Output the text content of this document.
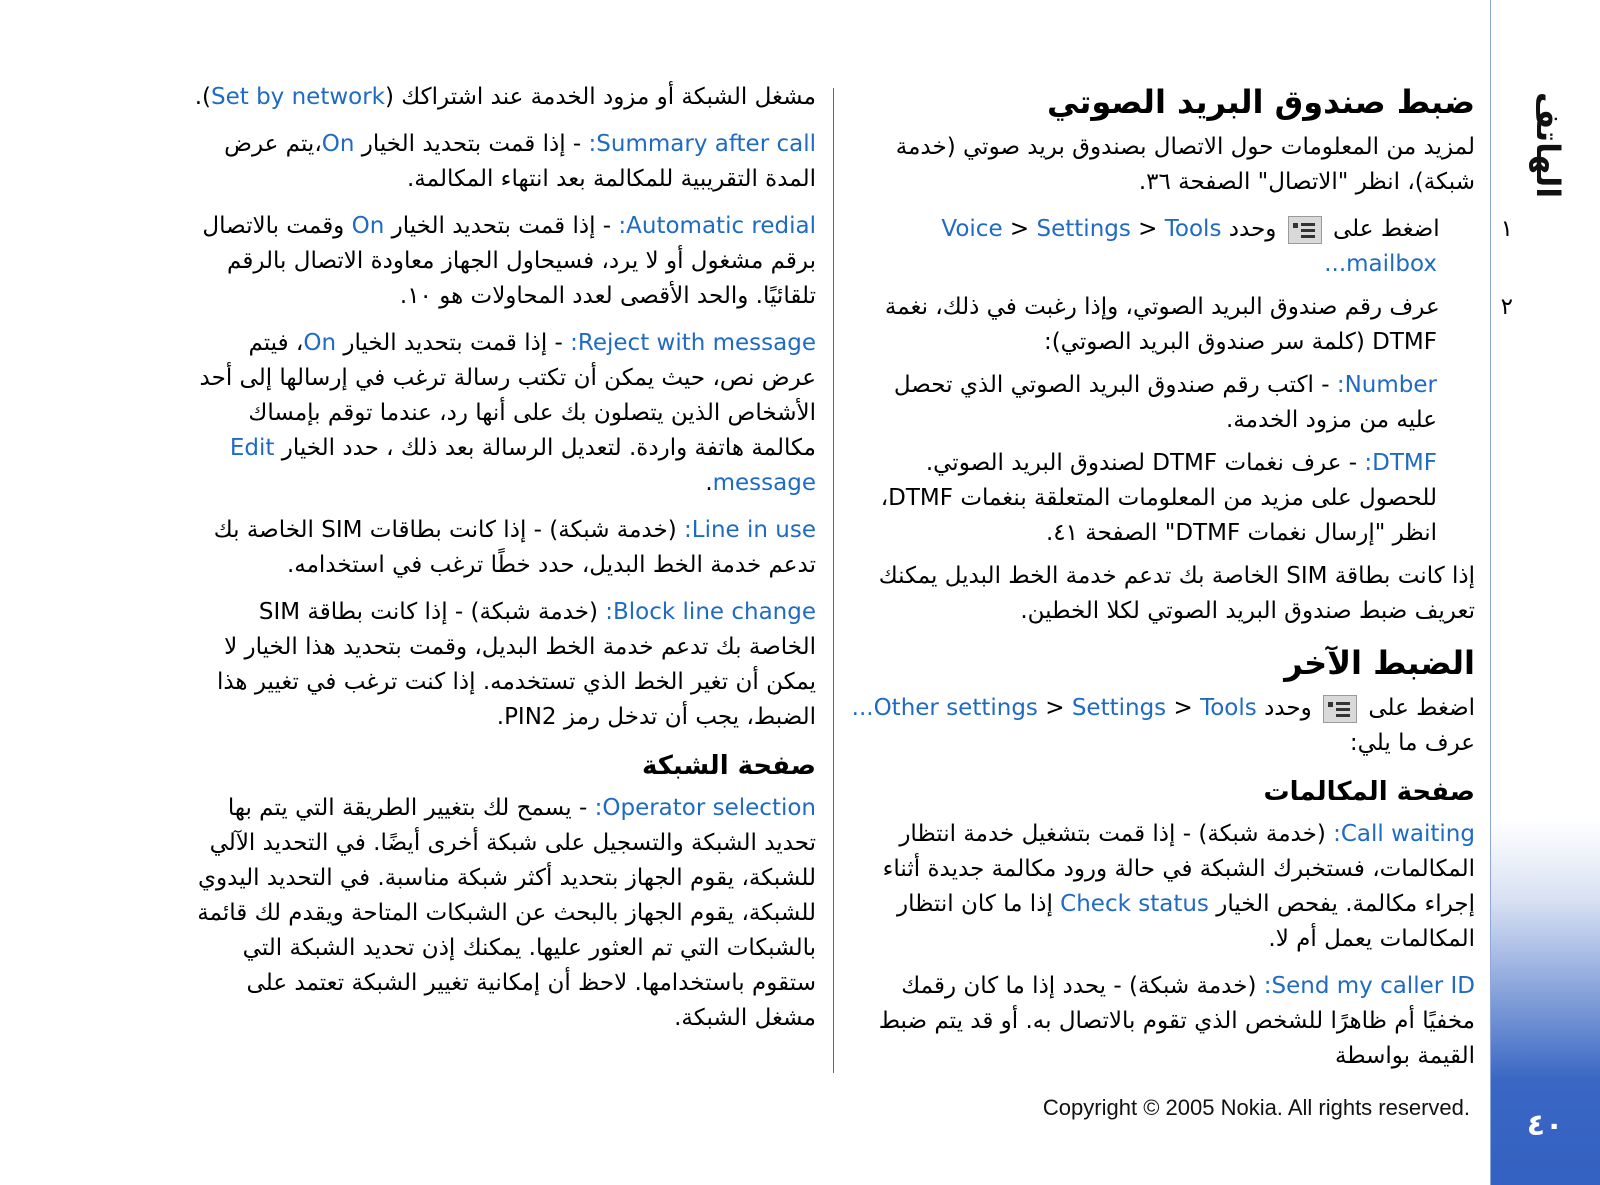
الهاتف
٤٠
ضبط صندوق البريد الصوتي

لمزيد من المعلومات حول الاتصال بصندوق بريد صوتي (خدمة شبكة)، انظر "الاتصال" الصفحة ٣٦.

١ اضغط على  وحدد Tools < Settings < Voice mailbox...

٢ عرف رقم صندوق البريد الصوتي، وإذا رغبت في ذلك، نغمة DTMF (كلمة سر صندوق البريد الصوتي):

Number: - اكتب رقم صندوق البريد الصوتي الذي تحصل عليه من مزود الخدمة.

DTMF: - عرف نغمات DTMF لصندوق البريد الصوتي. للحصول على مزيد من المعلومات المتعلقة بنغمات DTMF، انظر "إرسال نغمات DTMF" الصفحة ٤١.

إذا كانت بطاقة SIM الخاصة بك تدعم خدمة الخط البديل يمكنك تعريف ضبط صندوق البريد الصوتي لكلا الخطين.

الضبط الآخر

اضغط على  وحدد Tools < Settings < Other settings...
عرف ما يلي:

صفحة المكالمات

Call waiting: (خدمة شبكة) - إذا قمت بتشغيل خدمة انتظار المكالمات، فستخبرك الشبكة في حالة ورود مكالمة جديدة أثناء إجراء مكالمة. يفحص الخيار Check status إذا ما كان انتظار المكالمات يعمل أم لا.

Send my caller ID: (خدمة شبكة) - يحدد إذا ما كان رقمك مخفيًا أم ظاهرًا للشخص الذي تقوم بالاتصال به. أو قد يتم ضبط القيمة بواسطة

مشغل الشبكة أو مزود الخدمة عند اشتراكك (Set by network).

Summary after call: - إذا قمت بتحديد الخيار On،يتم عرض المدة التقريبية للمكالمة بعد انتهاء المكالمة.

Automatic redial: - إذا قمت بتحديد الخيار On وقمت بالاتصال برقم مشغول أو لا يرد، فسيحاول الجهاز معاودة الاتصال بالرقم تلقائيًا. والحد الأقصى لعدد المحاولات هو ١٠.

Reject with message: - إذا قمت بتحديد الخيار On، فيتم عرض نص، حيث يمكن أن تكتب رسالة ترغب في إرسالها إلى أحد الأشخاص الذين يتصلون بك على أنها رد، عندما توقم بإمساك مكالمة هاتفة واردة. لتعديل الرسالة بعد ذلك ، حدد الخيار Edit message.

Line in use: (خدمة شبكة) - إذا كانت بطاقات SIM الخاصة بك تدعم خدمة الخط البديل، حدد خطًا ترغب في استخدامه.

Block line change: (خدمة شبكة) - إذا كانت بطاقة SIM الخاصة بك تدعم خدمة الخط البديل، وقمت بتحديد هذا الخيار لا يمكن أن تغير الخط الذي تستخدمه. إذا كنت ترغب في تغيير هذا الضبط، يجب أن تدخل رمز PIN2.

صفحة الشبكة

Operator selection: - يسمح لك بتغيير الطريقة التي يتم بها تحديد الشبكة والتسجيل على شبكة أخرى أيضًا. في التحديد الآلي للشبكة، يقوم الجهاز بتحديد أكثر شبكة مناسبة. في التحديد اليدوي للشبكة، يقوم الجهاز بالبحث عن الشبكات المتاحة ويقدم لك قائمة بالشبكات التي تم العثور عليها. يمكنك إذن تحديد الشبكة التي ستقوم باستخدامها. لاحظ أن إمكانية تغيير الشبكة تعتمد على مشغل الشبكة.

Copyright © 2005 Nokia. All rights reserved.
